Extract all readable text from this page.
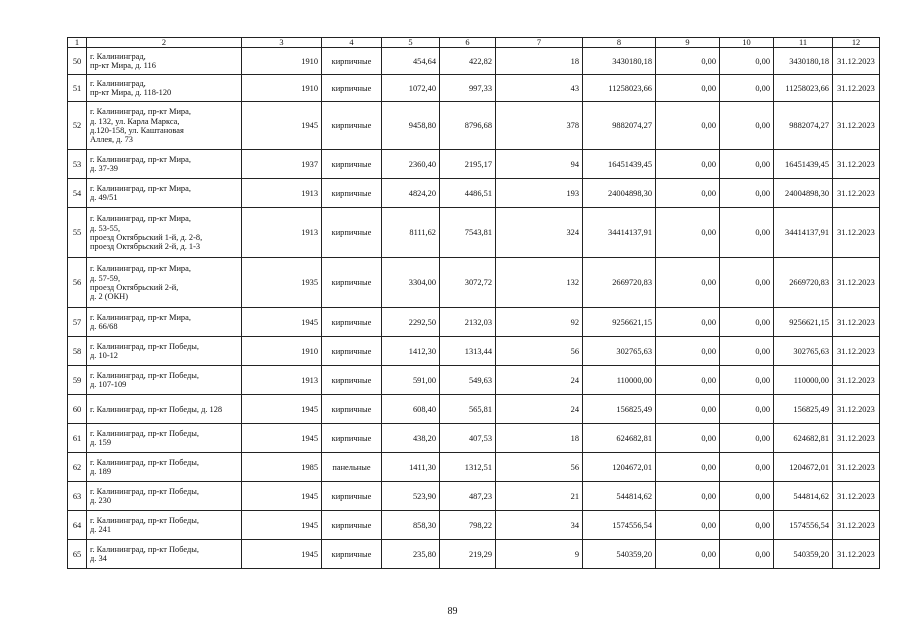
1	2	3	4	5	6	7	8	9	10	11	12
50	г. Калининград,
пр-кт Мира, д. 116	1910	кирпичные	454,64	422,82	18	3430180,18	0,00	0,00	3430180,18	31.12.2023
51	г. Калининград,
пр-кт Мира, д. 118-120	1910	кирпичные	1072,40	997,33	43	11258023,66	0,00	0,00	11258023,66	31.12.2023
52	г. Калининград, пр-кт Мира,
д. 132, ул. Карла Маркса,
д.120-158, ул. Каштановая
Аллея, д. 73	1945	кирпичные	9458,80	8796,68	378	9882074,27	0,00	0,00	9882074,27	31.12.2023
53	г. Калининград, пр-кт Мира,
д. 37-39	1937	кирпичные	2360,40	2195,17	94	16451439,45	0,00	0,00	16451439,45	31.12.2023
54	г. Калининград, пр-кт Мира,
д. 49/51	1913	кирпичные	4824,20	4486,51	193	24004898,30	0,00	0,00	24004898,30	31.12.2023
55	г. Калининград, пр-кт Мира,
д. 53-55,
проезд Октябрьский 1-й, д. 2-8,
проезд Октябрьский 2-й, д. 1-3	1913	кирпичные	8111,62	7543,81	324	34414137,91	0,00	0,00	34414137,91	31.12.2023
56	г. Калининград, пр-кт Мира,
д. 57-59,
проезд Октябрьский 2-й,
д. 2 (ОКН)	1935	кирпичные	3304,00	3072,72	132	2669720,83	0,00	0,00	2669720,83	31.12.2023
57	г. Калининград, пр-кт Мира,
д. 66/68	1945	кирпичные	2292,50	2132,03	92	9256621,15	0,00	0,00	9256621,15	31.12.2023
58	г. Калининград, пр-кт Победы,
д. 10-12	1910	кирпичные	1412,30	1313,44	56	302765,63	0,00	0,00	302765,63	31.12.2023
59	г. Калининград, пр-кт Победы,
д. 107-109	1913	кирпичные	591,00	549,63	24	110000,00	0,00	0,00	110000,00	31.12.2023
60	г. Калининград, пр-кт Победы, д. 128	1945	кирпичные	608,40	565,81	24	156825,49	0,00	0,00	156825,49	31.12.2023
61	г. Калининград, пр-кт Победы,
д. 159	1945	кирпичные	438,20	407,53	18	624682,81	0,00	0,00	624682,81	31.12.2023
62	г. Калининград, пр-кт Победы,
д. 189	1985	панельные	1411,30	1312,51	56	1204672,01	0,00	0,00	1204672,01	31.12.2023
63	г. Калининград, пр-кт Победы,
д. 230	1945	кирпичные	523,90	487,23	21	544814,62	0,00	0,00	544814,62	31.12.2023
64	г. Калининград, пр-кт Победы,
д. 241	1945	кирпичные	858,30	798,22	34	1574556,54	0,00	0,00	1574556,54	31.12.2023
65	г. Калининград, пр-кт Победы,
д. 34	1945	кирпичные	235,80	219,29	9	540359,20	0,00	0,00	540359,20	31.12.2023
89
